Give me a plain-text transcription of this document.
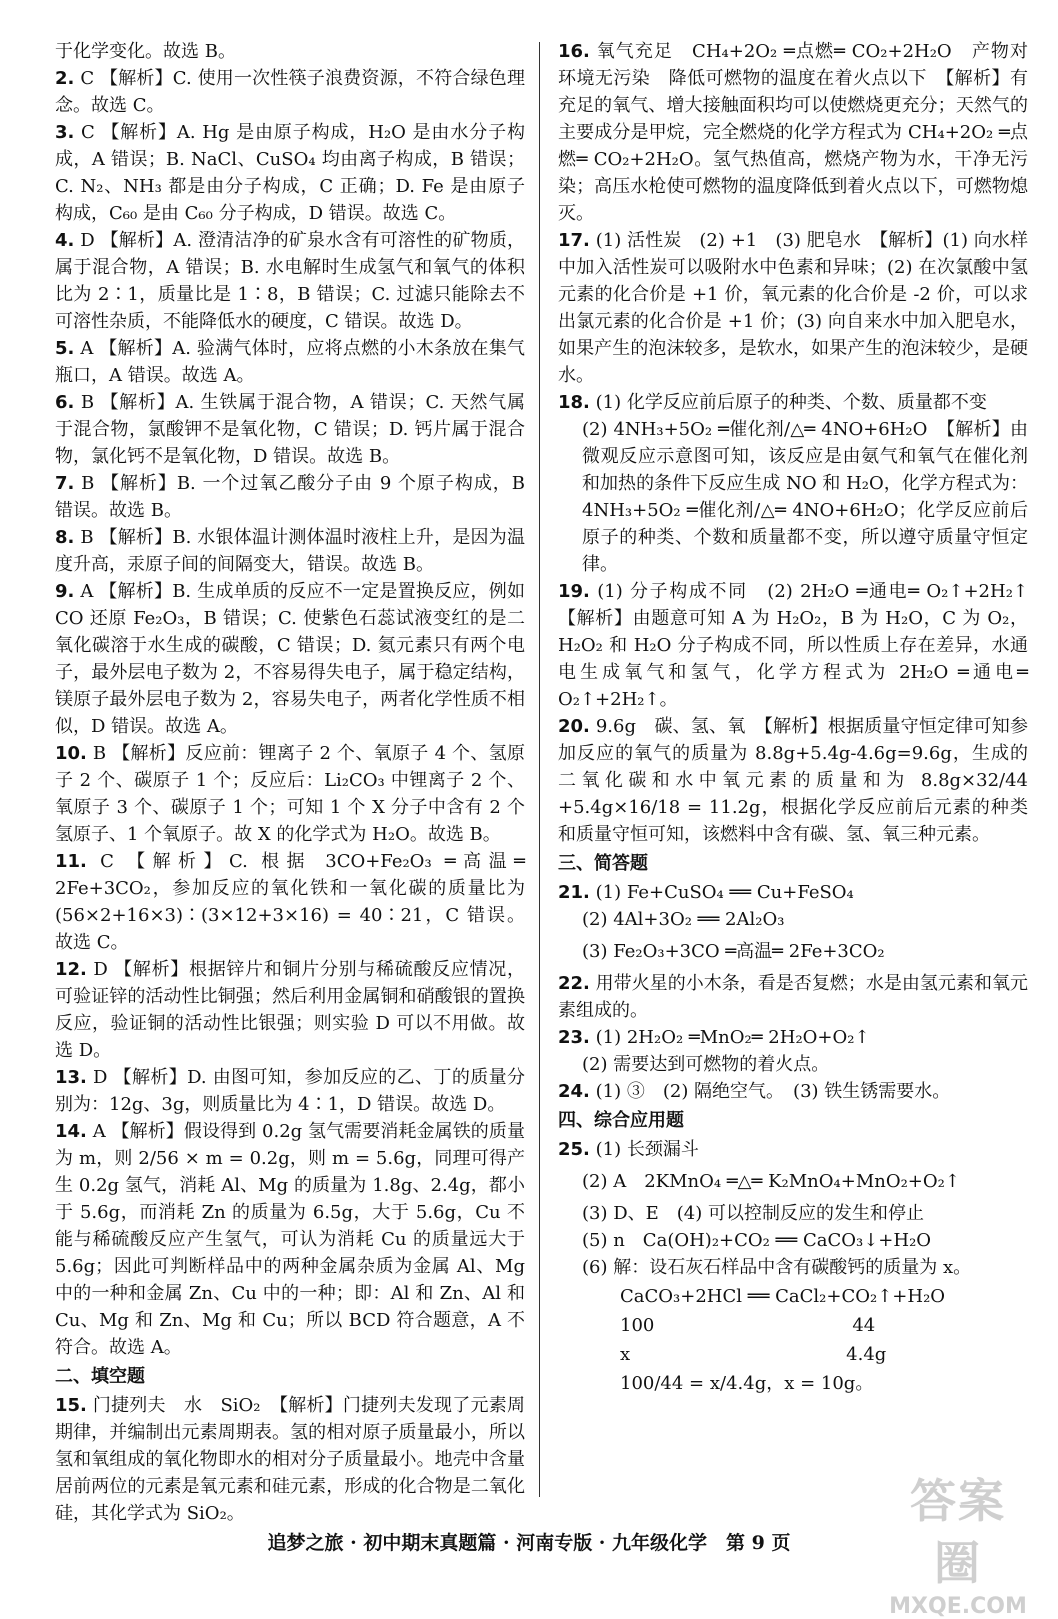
于化学变化。故选 B。

2. C 【解析】C. 使用一次性筷子浪费资源，不符合绿色理念。故选 C。

3. C 【解析】A. Hg 是由原子构成，H₂O 是由水分子构成，A 错误；B. NaCl、CuSO₄ 均由离子构成，B 错误；C. N₂、NH₃ 都是由分子构成，C 正确；D. Fe 是由原子构成，C₆₀ 是由 C₆₀ 分子构成，D 错误。故选 C。

4. D 【解析】A. 澄清洁净的矿泉水含有可溶性的矿物质，属于混合物，A 错误；B. 水电解时生成氢气和氧气的体积比为 2∶1，质量比是 1∶8，B 错误；C. 过滤只能除去不可溶性杂质，不能降低水的硬度，C 错误。故选 D。

5. A 【解析】A. 验满气体时，应将点燃的小木条放在集气瓶口，A 错误。故选 A。

6. B 【解析】A. 生铁属于混合物，A 错误；C. 天然气属于混合物，氯酸钾不是氧化物，C 错误；D. 钙片属于混合物，氯化钙不是氧化物，D 错误。故选 B。

7. B 【解析】B. 一个过氧乙酸分子由 9 个原子构成，B 错误。故选 B。

8. B 【解析】B. 水银体温计测体温时液柱上升，是因为温度升高，汞原子间的间隔变大，错误。故选 B。

9. A 【解析】B. 生成单质的反应不一定是置换反应，例如 CO 还原 Fe₂O₃，B 错误；C. 使紫色石蕊试液变红的是二氧化碳溶于水生成的碳酸，C 错误；D. 氦元素只有两个电子，最外层电子数为 2，不容易得失电子，属于稳定结构，镁原子最外层电子数为 2，容易失电子，两者化学性质不相似，D 错误。故选 A。

10. B 【解析】反应前：锂离子 2 个、氧原子 4 个、氢原子 2 个、碳原子 1 个；反应后：Li₂CO₃ 中锂离子 2 个、氧原子 3 个、碳原子 1 个；可知 1 个 X 分子中含有 2 个氢原子、1 个氧原子。故 X 的化学式为 H₂O。故选 B。

11. C 【解析】C. 根据 3CO+Fe₂O₃ ═高温═ 2Fe+3CO₂，参加反应的氧化铁和一氧化碳的质量比为 (56×2+16×3)∶(3×12+3×16) = 40∶21，C 错误。故选 C。

12. D 【解析】根据锌片和铜片分别与稀硫酸反应情况，可验证锌的活动性比铜强；然后利用金属铜和硝酸银的置换反应，验证铜的活动性比银强；则实验 D 可以不用做。故选 D。

13. D 【解析】D. 由图可知，参加反应的乙、丁的质量分别为：12g、3g，则质量比为 4∶1，D 错误。故选 D。

14. A 【解析】假设得到 0.2g 氢气需要消耗金属铁的质量为 m，则 2/56 × m = 0.2g，则 m = 5.6g，同理可得产生 0.2g 氢气，消耗 Al、Mg 的质量为 1.8g、2.4g，都小于 5.6g，而消耗 Zn 的质量为 6.5g，大于 5.6g，Cu 不能与稀硫酸反应产生氢气，可认为消耗 Cu 的质量远大于 5.6g；因此可判断样品中的两种金属杂质为金属 Al、Mg 中的一种和金属 Zn、Cu 中的一种；即：Al 和 Zn、Al 和 Cu、Mg 和 Zn、Mg 和 Cu；所以 BCD 符合题意，A 不符合。故选 A。

二、填空题

15. 门捷列夫　水　SiO₂　【解析】门捷列夫发现了元素周期律，并编制出元素周期表。氢的相对原子质量最小，所以氢和氧组成的氧化物即水的相对分子质量最小。地壳中含量居前两位的元素是氧元素和硅元素，形成的化合物是二氧化硅，其化学式为 SiO₂。

16. 氧气充足　CH₄+2O₂ ═点燃═ CO₂+2H₂O　产物对环境无污染　降低可燃物的温度在着火点以下　【解析】有充足的氧气、增大接触面积均可以使燃烧更充分；天然气的主要成分是甲烷，完全燃烧的化学方程式为 CH₄+2O₂ ═点燃═ CO₂+2H₂O。氢气热值高，燃烧产物为水，干净无污染；高压水枪使可燃物的温度降低到着火点以下，可燃物熄灭。

17. (1) 活性炭　(2) +1　(3) 肥皂水　【解析】(1) 向水样中加入活性炭可以吸附水中色素和异味；(2) 在次氯酸中氢元素的化合价是 +1 价，氧元素的化合价是 -2 价，可以求出氯元素的化合价是 +1 价；(3) 向自来水中加入肥皂水，如果产生的泡沫较多，是软水，如果产生的泡沫较少，是硬水。

18. (1) 化学反应前后原子的种类、个数、质量都不变

(2) 4NH₃+5O₂ ═催化剂/△═ 4NO+6H₂O　【解析】由微观反应示意图可知，该反应是由氨气和氧气在催化剂和加热的条件下反应生成 NO 和 H₂O，化学方程式为：4NH₃+5O₂ ═催化剂/△═ 4NO+6H₂O；化学反应前后原子的种类、个数和质量都不变，所以遵守质量守恒定律。

19. (1) 分子构成不同　(2) 2H₂O ═通电═ O₂↑+2H₂↑　【解析】由题意可知 A 为 H₂O₂，B 为 H₂O，C 为 O₂，H₂O₂ 和 H₂O 分子构成不同，所以性质上存在差异，水通电生成氧气和氢气，化学方程式为 2H₂O ═通电═ O₂↑+2H₂↑。

20. 9.6g　碳、氢、氧　【解析】根据质量守恒定律可知参加反应的氧气的质量为 8.8g+5.4g-4.6g=9.6g，生成的二氧化碳和水中氧元素的质量和为 8.8g×32/44 +5.4g×16/18 = 11.2g，根据化学反应前后元素的种类和质量守恒可知，该燃料中含有碳、氢、氧三种元素。

三、简答题

21. (1) Fe+CuSO₄ ══ Cu+FeSO₄

(2) 4Al+3O₂ ══ 2Al₂O₃

(3) Fe₂O₃+3CO ═高温═ 2Fe+3CO₂

22. 用带火星的小木条，看是否复燃；水是由氢元素和氧元素组成的。

23. (1) 2H₂O₂ ═MnO₂═ 2H₂O+O₂↑

(2) 需要达到可燃物的着火点。

24. (1) ③　(2) 隔绝空气。　(3) 铁生锈需要水。

四、综合应用题

25. (1) 长颈漏斗

(2) A　2KMnO₄ ═△═ K₂MnO₄+MnO₂+O₂↑

(3) D、E　(4) 可以控制反应的发生和停止

(5) n　Ca(OH)₂+CO₂ ══ CaCO₃↓+H₂O

(6) 解：设石灰石样品中含有碳酸钙的质量为 x。

CaCO₃+2HCl ══ CaCl₂+CO₂↑+H₂O

100　　　　　　　　　　　44

x　　　　　　　　　　　　4.4g

100/44 = x/4.4g，x = 10g。

追梦之旅 · 初中期末真题篇 · 河南专版 · 九年级化学　第 9 页
答案圈
MXQE.COM
